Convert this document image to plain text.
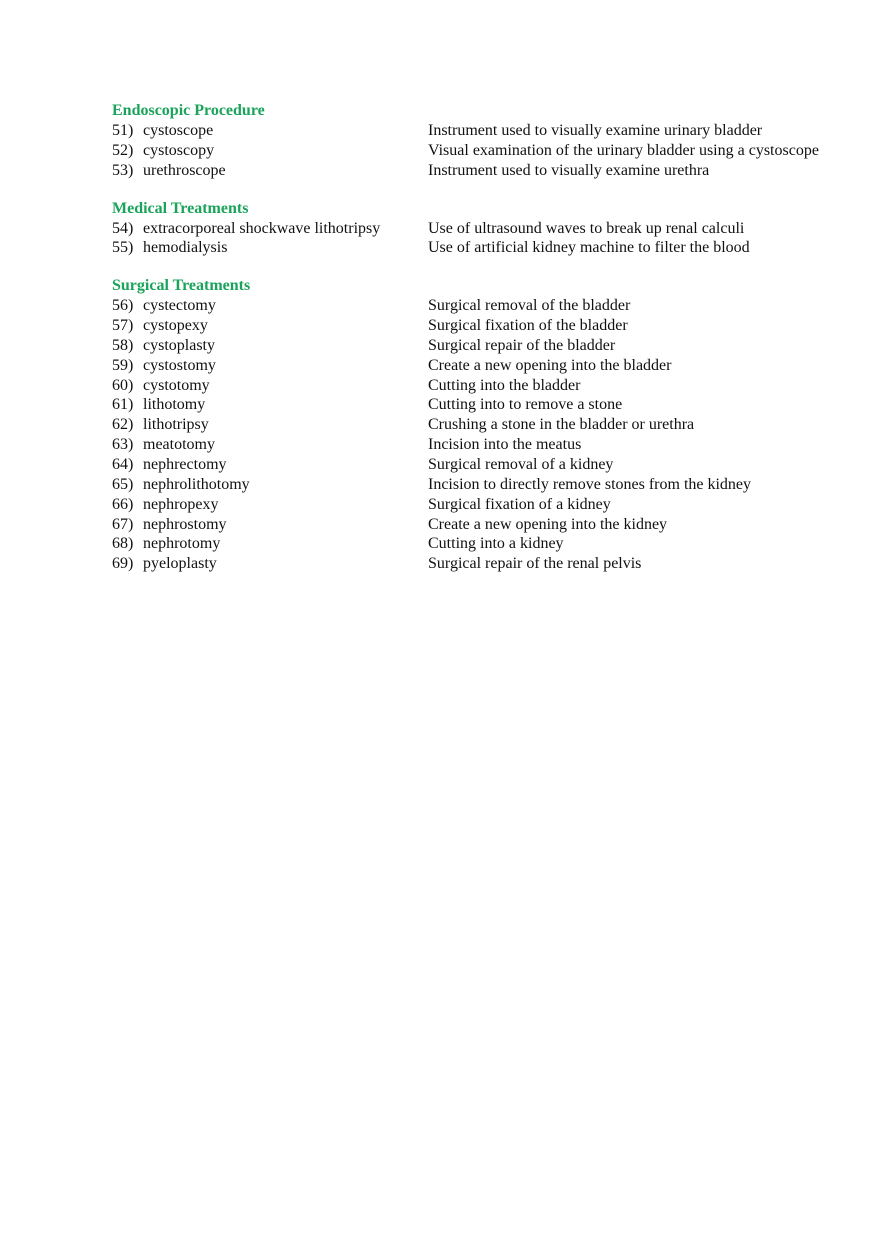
Endoscopic Procedure
51) cystoscope	Instrument used to visually examine urinary bladder
52) cystoscopy	Visual examination of the urinary bladder using a cystoscope
53) urethroscope	Instrument used to visually examine urethra
Medical Treatments
54) extracorporeal shockwave lithotripsy	Use of ultrasound waves to break up renal calculi
55) hemodialysis	Use of artificial kidney machine to filter the blood
Surgical Treatments
56) cystectomy	Surgical removal of the bladder
57) cystopexy	Surgical fixation of the bladder
58) cystoplasty	Surgical repair of the bladder
59) cystostomy	Create a new opening into the bladder
60) cystotomy	Cutting into the bladder
61) lithotomy	Cutting into to remove a stone
62) lithotripsy	Crushing a stone in the bladder or urethra
63) meatotomy	Incision into the meatus
64) nephrectomy	Surgical removal of a kidney
65) nephrolithotomy	Incision to directly remove stones from the kidney
66) nephropexy	Surgical fixation of a kidney
67) nephrostomy	Create a new opening into the kidney
68) nephrotomy	Cutting into a kidney
69) pyeloplasty	Surgical repair of the renal pelvis
